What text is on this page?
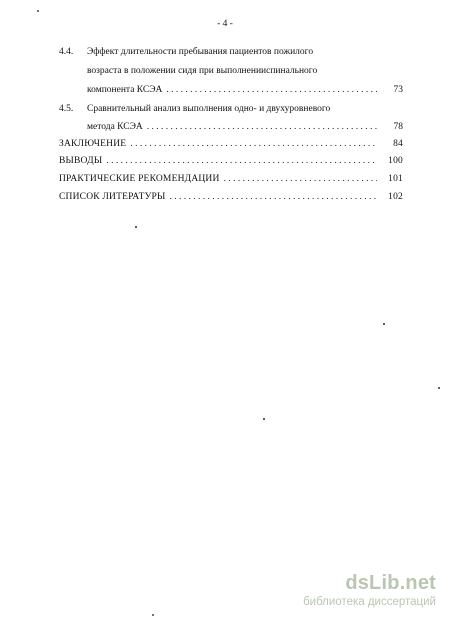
- 4 -
4.4. Эффект длительности пребывания пациентов пожилого
возраста в положении сидя при выполненииспинального
компонента КСЭА . . .	73
4.5. Сравнительный анализ выполнения одно- и двухуровневого
метода КСЭА . . .	78
ЗАКЛЮЧЕНИЕ . . .	84
ВЫВОДЫ . . .	100
ПРАКТИЧЕСКИЕ РЕКОМЕНДАЦИИ . . .	101
СПИСОК ЛИТЕРАТУРЫ . . .	102
dsLib.net
библиотека диссертаций
